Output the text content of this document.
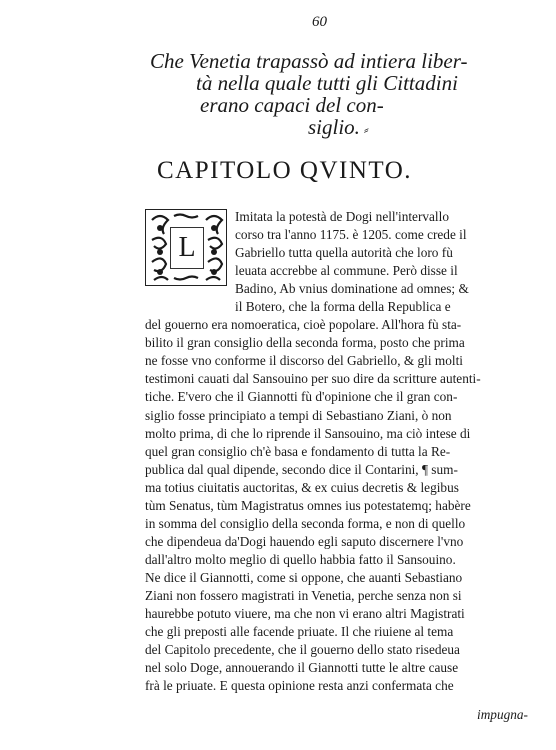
60
Che Venetia trapassò ad intiera liber-
tà nella quale tutti gli Cittadini
erano capaci del con-
siglio. ⸗
CAPITOLO QVINTO.
L
Imitata la potestà de Dogi nell'intervallo
corso tra l'anno 1175. è 1205. come crede il
Gabriello tutta quella autorità che loro fù
leuata accrebbe al commune. Però disse il
Badino, Ab vnius dominatione ad omnes; &
il Botero, che la forma della Republica e
del gouerno era nomoeratica, cioè popolare. All'hora fù sta-
bilito il gran consiglio della seconda forma, posto che prima
ne fosse vno conforme il discorso del Gabriello, & gli molti
testimoni cauati dal Sansouino per suo dire da scritture autenti-
tiche. E'vero che il Giannotti fù d'opinione che il gran con-
siglio fosse principiato a tempi di Sebastiano Ziani, ò non
molto prima, di che lo riprende il Sansouino, ma ciò intese di
quel gran consiglio ch'è basa e fondamento di tutta la Re-
publica dal qual dipende, secondo dice il Contarini, ¶ sum-
ma totius ciuitatis auctoritas, & ex cuius decretis & legibus
tùm Senatus, tùm Magistratus omnes ius potestatemq; habère
in somma del consiglio della seconda forma, e non di quello
che dipendeua da'Dogi hauendo egli saputo discernere l'vno
dall'altro molto meglio di quello habbia fatto il Sansouino.
Ne dice il Giannotti, come si oppone, che auanti Sebastiano
Ziani non fossero magistrati in Venetia, perche senza non si
haurebbe potuto viuere, ma che non vi erano altri Magistrati
che gli preposti alle facende priuate. Il che riuiene al tema
del Capitolo precedente, che il gouerno dello stato risedeua
nel solo Doge, annouerando il Giannotti tutte le altre cause
frà le priuate. E questa opinione resta anzi confermata che
impugna-
